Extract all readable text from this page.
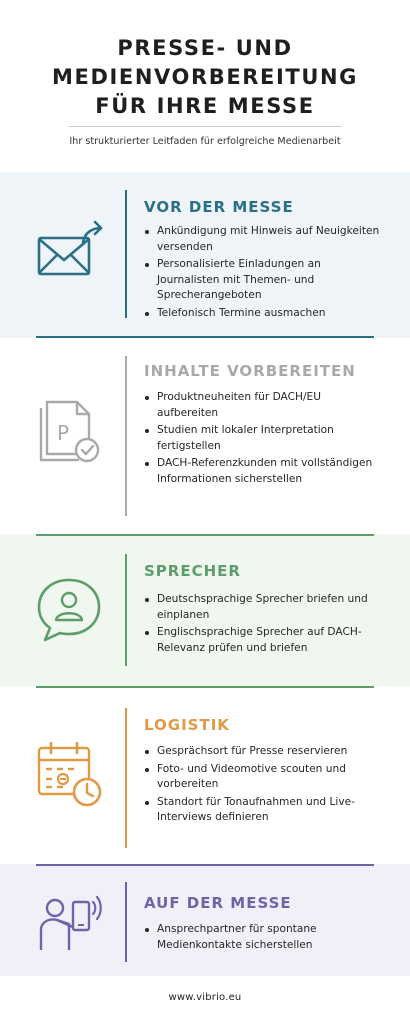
PRESSE- UND
MEDIENVORBEREITUNG
FÜR IHRE MESSE
Ihr strukturierter Leitfaden für erfolgreiche Medienarbeit
VOR DER MESSE
Ankündigung mit Hinweis auf Neuigkeiten versenden
Personalisierte Einladungen an Journalisten mit Themen- und Sprecherangeboten
Telefonisch Termine ausmachen
P
INHALTE VORBEREITEN
Produktneuheiten für DACH/EU aufbereiten
Studien mit lokaler Interpretation fertigstellen
DACH-Referenzkunden mit vollständigen Informationen sicherstellen
SPRECHER
Deutschsprachige Sprecher briefen und einplanen
Englischsprachige Sprecher auf DACH-Relevanz prüfen und briefen
LOGISTIK
Gesprächsort für Presse reservieren
Foto- und Videomotive scouten und vorbereiten
Standort für Tonaufnahmen und Live-Interviews definieren
AUF DER MESSE
Ansprechpartner für spontane Medienkontakte sicherstellen
www.vibrio.eu
